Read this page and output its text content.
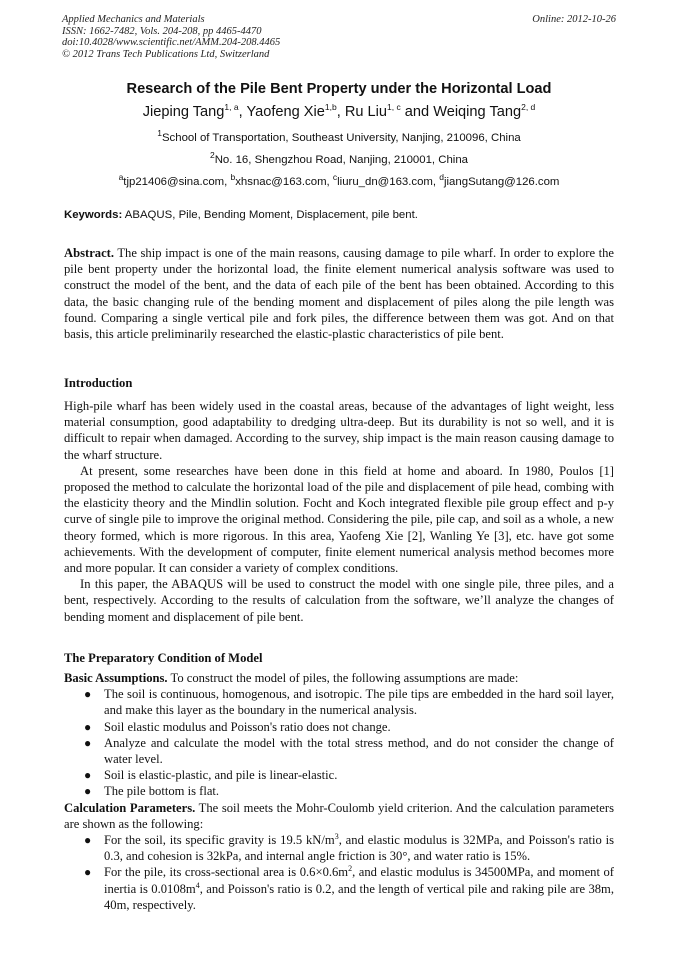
Applied Mechanics and Materials
ISSN: 1662-7482, Vols. 204-208, pp 4465-4470
doi:10.4028/www.scientific.net/AMM.204-208.4465
© 2012 Trans Tech Publications Ltd, Switzerland
Online: 2012-10-26
Research of the Pile Bent Property under the Horizontal Load
Jieping Tang$^{1, a}$, Yaofeng Xie$^{1,b}$, Ru Liu$^{1, c}$ and Weiqing Tang$^{2, d}$
$^1$School of Transportation, Southeast University, Nanjing, 210096, China
$^2$No. 16, Shengzhou Road, Nanjing, 210001, China
$^a$tjp21406@sina.com, $^b$xhsnac@163.com, $^c$liuru_dn@163.com, $^d$jiangSutang@126.com
Keywords: ABAQUS, Pile, Bending Moment, Displacement, pile bent.

Abstract. The ship impact is one of the main reasons, causing damage to pile wharf. In order to explore the pile bent property under the horizontal load, the finite element numerical analysis software was used to construct the model of the bent, and the data of each pile of the bent has been obtained. According to this data, the basic changing rule of the bending moment and displacement of piles along the pile length was found. Comparing a single vertical pile and fork piles, the difference between them was got. And on that basis, this article preliminarily researched the elastic-plastic characteristics of pile bent.

Introduction

High-pile wharf has been widely used in the coastal areas, because of the advantages of light weight, less material consumption, good adaptability to dredging ultra-deep. But its durability is not so well, and it is difficult to repair when damaged. According to the survey, ship impact is the main reason causing damage to the wharf structure.

At present, some researches have been done in this field at home and aboard. In 1980, Poulos [1] proposed the method to calculate the horizontal load of the pile and displacement of pile head, combing with the elasticity theory and the Mindlin solution. Focht and Koch integrated flexible pile group effect and p-y curve of single pile to improve the original method. Considering the pile, pile cap, and soil as a whole, a new theory formed, which is more rigorous. In this area, Yaofeng Xie [2], Wanling Ye [3], etc. have got some achievements. With the development of computer, finite element numerical analysis method becomes more and more popular. It can consider a variety of complex conditions.

In this paper, the ABAQUS will be used to construct the model with one single pile, three piles, and a bent, respectively. According to the results of calculation from the software, we’ll analyze the changes of bending moment and displacement of pile bent.

The Preparatory Condition of Model

Basic Assumptions. To construct the model of piles, the following assumptions are made:

● The soil is continuous, homogenous, and isotropic. The pile tips are embedded in the hard soil layer, and make this layer as the boundary in the numerical analysis.
● Soil elastic modulus and Poisson's ratio does not change.
● Analyze and calculate the model with the total stress method, and do not consider the change of water level.
● Soil is elastic-plastic, and pile is linear-elastic.
● The pile bottom is flat.

Calculation Parameters. The soil meets the Mohr-Coulomb yield criterion. And the calculation parameters are shown as the following:

● For the soil, its specific gravity is 19.5 $kN/m^3$, and elastic modulus is 32MPa, and Poisson's ratio is 0.3, and cohesion is 32kPa, and internal angle friction is 30°, and water ratio is 15%.
● For the pile, its cross-sectional area is $0.6\times 0.6m^2$, and elastic modulus is 34500MPa, and moment of inertia is $0.0108m^4$, and Poisson's ratio is 0.2, and the length of vertical pile and raking pile are 38m, 40m, respectively.
